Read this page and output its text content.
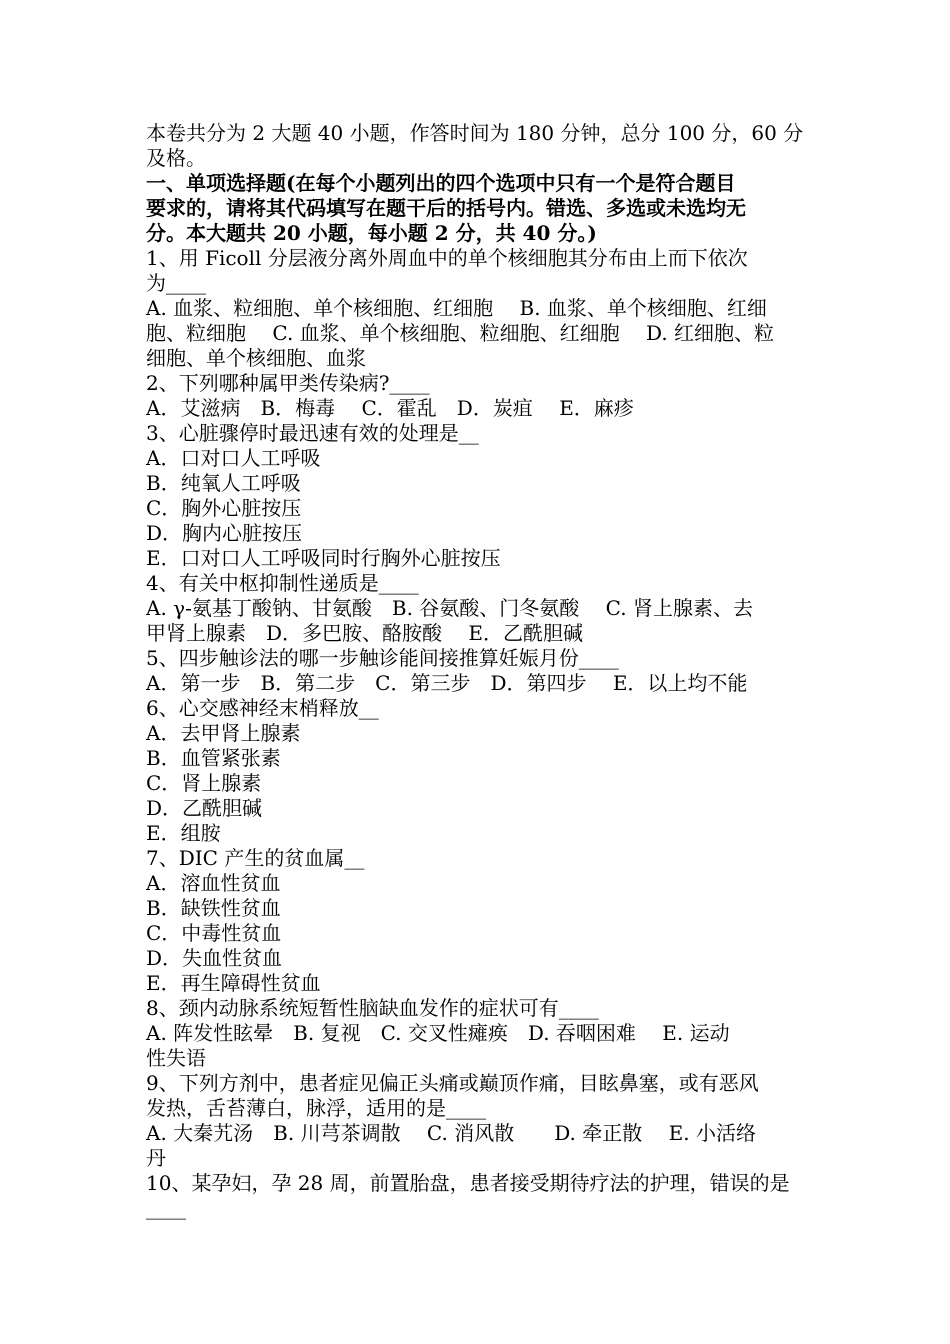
本卷共分为 2 大题 40 小题，作答时间为 180 分钟，总分 100 分，60 分
及格。
一、单项选择题(在每个小题列出的四个选项中只有一个是符合题目
要求的，请将其代码填写在题干后的括号内。错选、多选或未选均无
分。本大题共 20 小题，每小题 2 分，共 40 分。)
1、用 Ficoll 分层液分离外周血中的单个核细胞其分布由上而下依次
为____
A. 血浆、粒细胞、单个核细胞、红细胞　 B. 血浆、单个核细胞、红细
胞、粒细胞　 C. 血浆、单个核细胞、粒细胞、红细胞　 D. 红细胞、粒
细胞、单个核细胞、血浆
2、下列哪种属甲类传染病?____
A．艾滋病　B．梅毒　 C．霍乱　D．炭疽　 E．麻疹
3、心脏骤停时最迅速有效的处理是__
A．口对口人工呼吸
B．纯氧人工呼吸
C．胸外心脏按压
D．胸内心脏按压
E．口对口人工呼吸同时行胸外心脏按压
4、有关中枢抑制性递质是____
A. γ-氨基丁酸钠、甘氨酸　B. 谷氨酸、门冬氨酸　 C. 肾上腺素、去
甲肾上腺素　D．多巴胺、酪胺酸　 E．乙酰胆碱
5、四步触诊法的哪一步触诊能间接推算妊娠月份____
A．第一步　B．第二步　C．第三步　D．第四步　 E．以上均不能
6、心交感神经末梢释放__
A．去甲肾上腺素
B．血管紧张素
C．肾上腺素
D．乙酰胆碱
E．组胺
7、DIC 产生的贫血属__
A．溶血性贫血
B．缺铁性贫血
C．中毒性贫血
D．失血性贫血
E．再生障碍性贫血
8、颈内动脉系统短暂性脑缺血发作的症状可有____
A. 阵发性眩晕　B. 复视　C. 交叉性瘫痪　D. 吞咽困难　 E. 运动
性失语
9、下列方剂中，患者症见偏正头痛或巅顶作痛，目眩鼻塞，或有恶风
发热，舌苔薄白，脉浮，适用的是____
A. 大秦艽汤　B. 川芎茶调散　 C. 消风散　　D. 牵正散　 E. 小活络
丹
10、某孕妇，孕 28 周，前置胎盘，患者接受期待疗法的护理，错误的是
____
